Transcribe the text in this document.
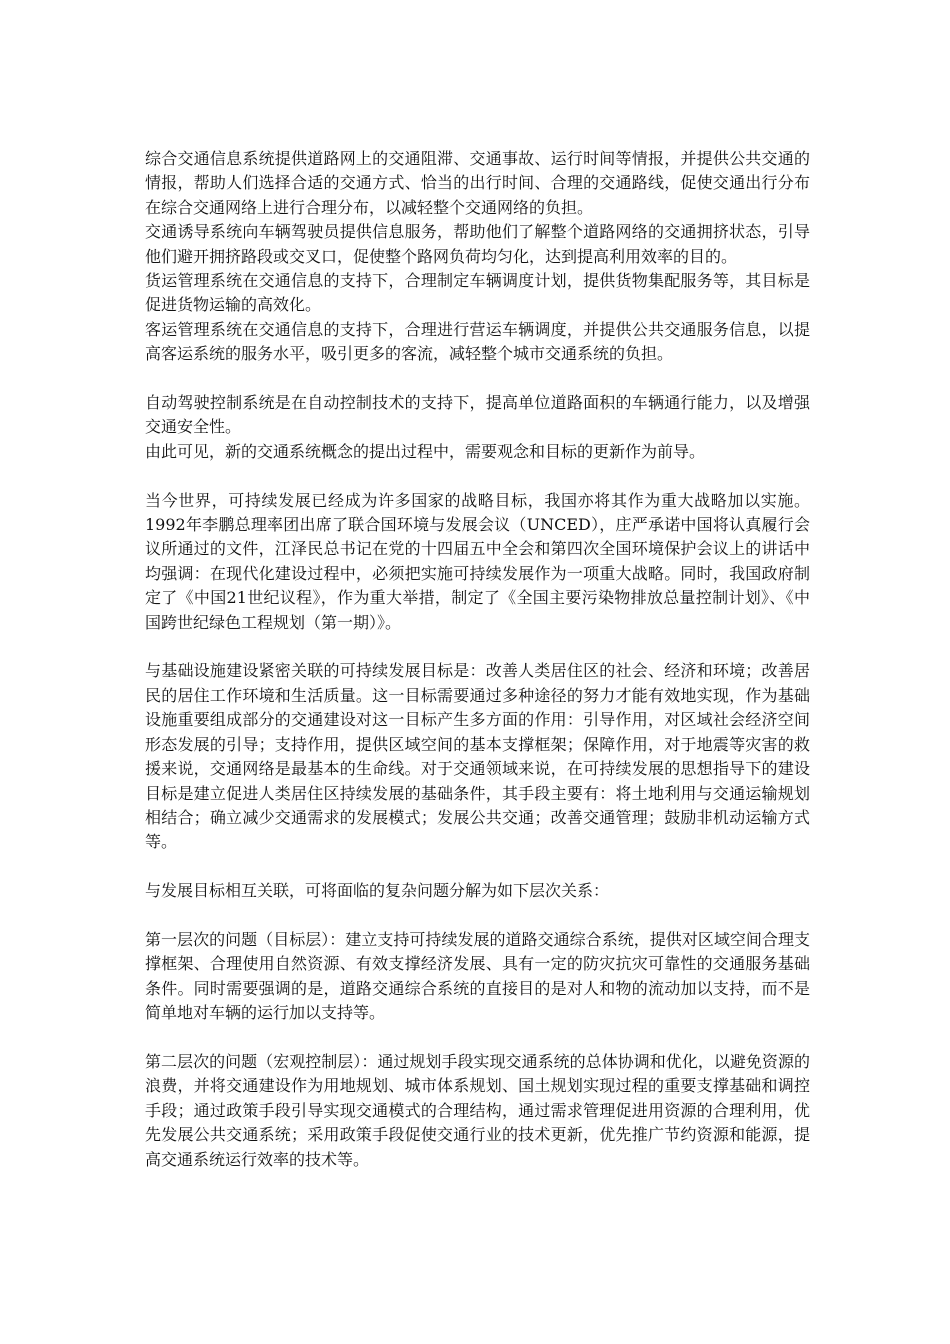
综合交通信息系统提供道路网上的交通阻滞、交通事故、运行时间等情报，并提供公共交通的情报，帮助人们选择合适的交通方式、恰当的出行时间、合理的交通路线，促使交通出行分布在综合交通网络上进行合理分布，以减轻整个交通网络的负担。

交通诱导系统向车辆驾驶员提供信息服务，帮助他们了解整个道路网络的交通拥挤状态，引导他们避开拥挤路段或交叉口，促使整个路网负荷均匀化，达到提高利用效率的目的。

货运管理系统在交通信息的支持下，合理制定车辆调度计划，提供货物集配服务等，其目标是促进货物运输的高效化。

客运管理系统在交通信息的支持下，合理进行营运车辆调度，并提供公共交通服务信息，以提高客运系统的服务水平，吸引更多的客流，减轻整个城市交通系统的负担。

自动驾驶控制系统是在自动控制技术的支持下，提高单位道路面积的车辆通行能力，以及增强交通安全性。

由此可见，新的交通系统概念的提出过程中，需要观念和目标的更新作为前导。

当今世界，可持续发展已经成为许多国家的战略目标，我国亦将其作为重大战略加以实施。1992年李鹏总理率团出席了联合国环境与发展会议（UNCED），庄严承诺中国将认真履行会议所通过的文件，江泽民总书记在党的十四届五中全会和第四次全国环境保护会议上的讲话中均强调：在现代化建设过程中，必须把实施可持续发展作为一项重大战略。同时，我国政府制定了《中国21世纪议程》，作为重大举措，制定了《全国主要污染物排放总量控制计划》、《中国跨世纪绿色工程规划（第一期）》。

与基础设施建设紧密关联的可持续发展目标是：改善人类居住区的社会、经济和环境；改善居民的居住工作环境和生活质量。这一目标需要通过多种途径的努力才能有效地实现，作为基础设施重要组成部分的交通建设对这一目标产生多方面的作用：引导作用，对区域社会经济空间形态发展的引导；支持作用，提供区域空间的基本支撑框架；保障作用，对于地震等灾害的救援来说，交通网络是最基本的生命线。对于交通领域来说，在可持续发展的思想指导下的建设目标是建立促进人类居住区持续发展的基础条件，其手段主要有：将土地利用与交通运输规划相结合；确立减少交通需求的发展模式；发展公共交通；改善交通管理；鼓励非机动运输方式等。

与发展目标相互关联，可将面临的复杂问题分解为如下层次关系：

第一层次的问题（目标层）：建立支持可持续发展的道路交通综合系统，提供对区域空间合理支撑框架、合理使用自然资源、有效支撑经济发展、具有一定的防灾抗灾可靠性的交通服务基础条件。同时需要强调的是，道路交通综合系统的直接目的是对人和物的流动加以支持，而不是简单地对车辆的运行加以支持等。

第二层次的问题（宏观控制层）：通过规划手段实现交通系统的总体协调和优化，以避免资源的浪费，并将交通建设作为用地规划、城市体系规划、国土规划实现过程的重要支撑基础和调控手段；通过政策手段引导实现交通模式的合理结构，通过需求管理促进用资源的合理利用，优先发展公共交通系统；采用政策手段促使交通行业的技术更新，优先推广节约资源和能源，提高交通系统运行效率的技术等。
